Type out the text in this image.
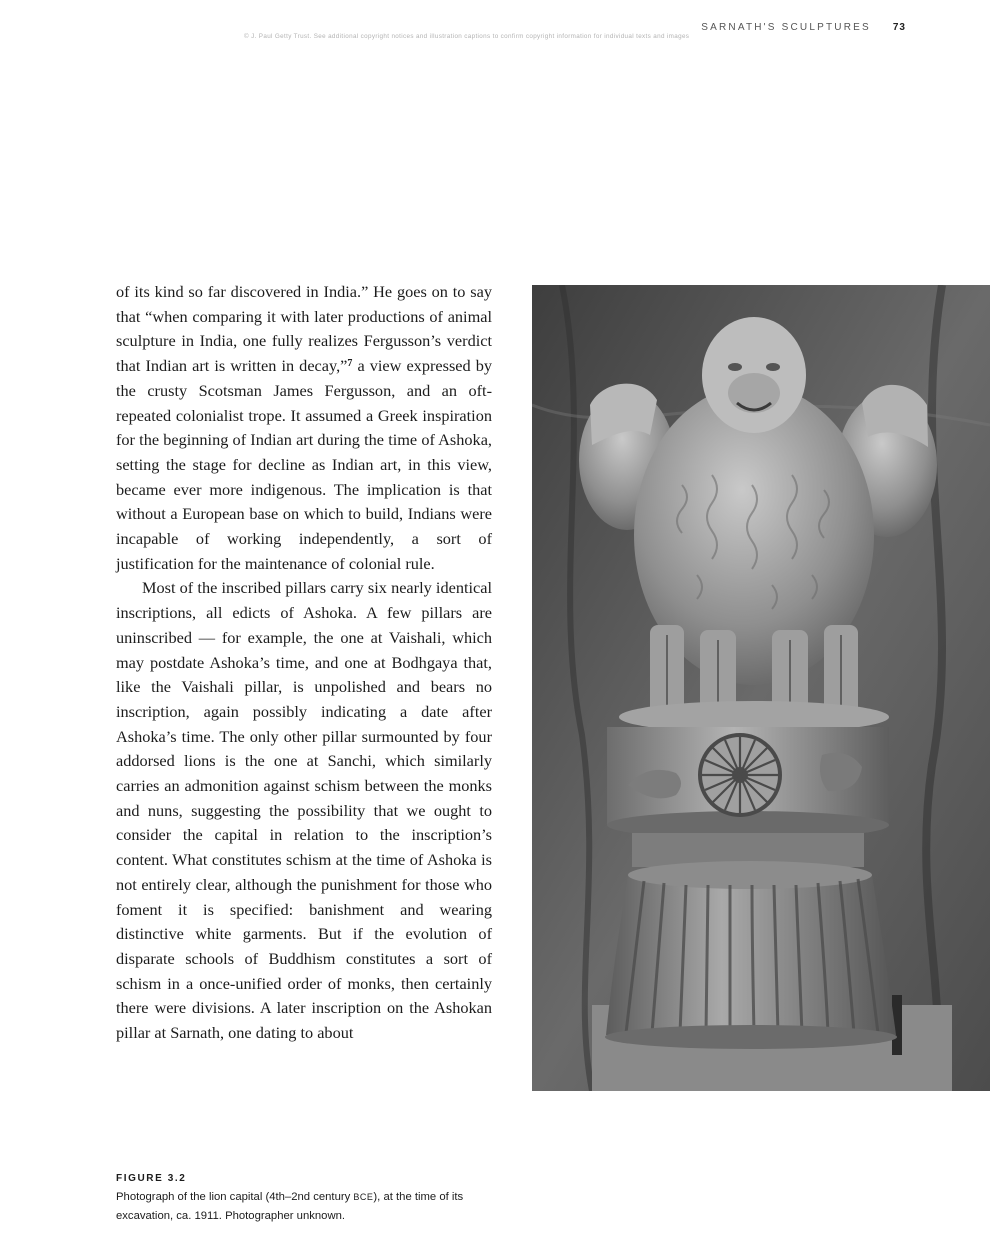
SARNATH'S SCULPTURES 73
© J. Paul Getty Trust. See additional copyright notices and illustration captions to confirm copyright information for individual texts and images

of its kind so far discovered in India.” He goes on to say that “when comparing it with later productions of animal sculpture in India, one fully realizes Fergusson’s verdict that Indian art is written in decay,”$^7$ a view expressed by the crusty Scotsman James Fergusson, and an oft-repeated colonialist trope. It assumed a Greek inspiration for the beginning of Indian art during the time of Ashoka, setting the stage for decline as Indian art, in this view, became ever more indigenous. The implication is that without a European base on which to build, Indians were incapable of working independently, a sort of justification for the maintenance of colonial rule.

Most of the inscribed pillars carry six nearly identical inscriptions, all edicts of Ashoka. A few pillars are uninscribed — for example, the one at Vaishali, which may postdate Ashoka’s time, and one at Bodhgaya that, like the Vaishali pillar, is unpolished and bears no inscription, again possibly indicating a date after Ashoka’s time. The only other pillar surmounted by four addorsed lions is the one at Sanchi, which similarly carries an admonition against schism between the monks and nuns, suggesting the possibility that we ought to consider the capital in relation to the inscription’s content. What constitutes schism at the time of Ashoka is not entirely clear, although the punishment for those who foment it is specified: banishment and wearing distinctive white garments. But if the evolution of disparate schools of Buddhism constitutes a sort of schism in a once-unified order of monks, then certainly there were divisions. A later inscription on the Ashokan pillar at Sarnath, one dating to about

FIGURE 3.2
Photograph of the lion capital (4th–2nd century BCE), at the time of its excavation, ca. 1911. Photographer unknown.
